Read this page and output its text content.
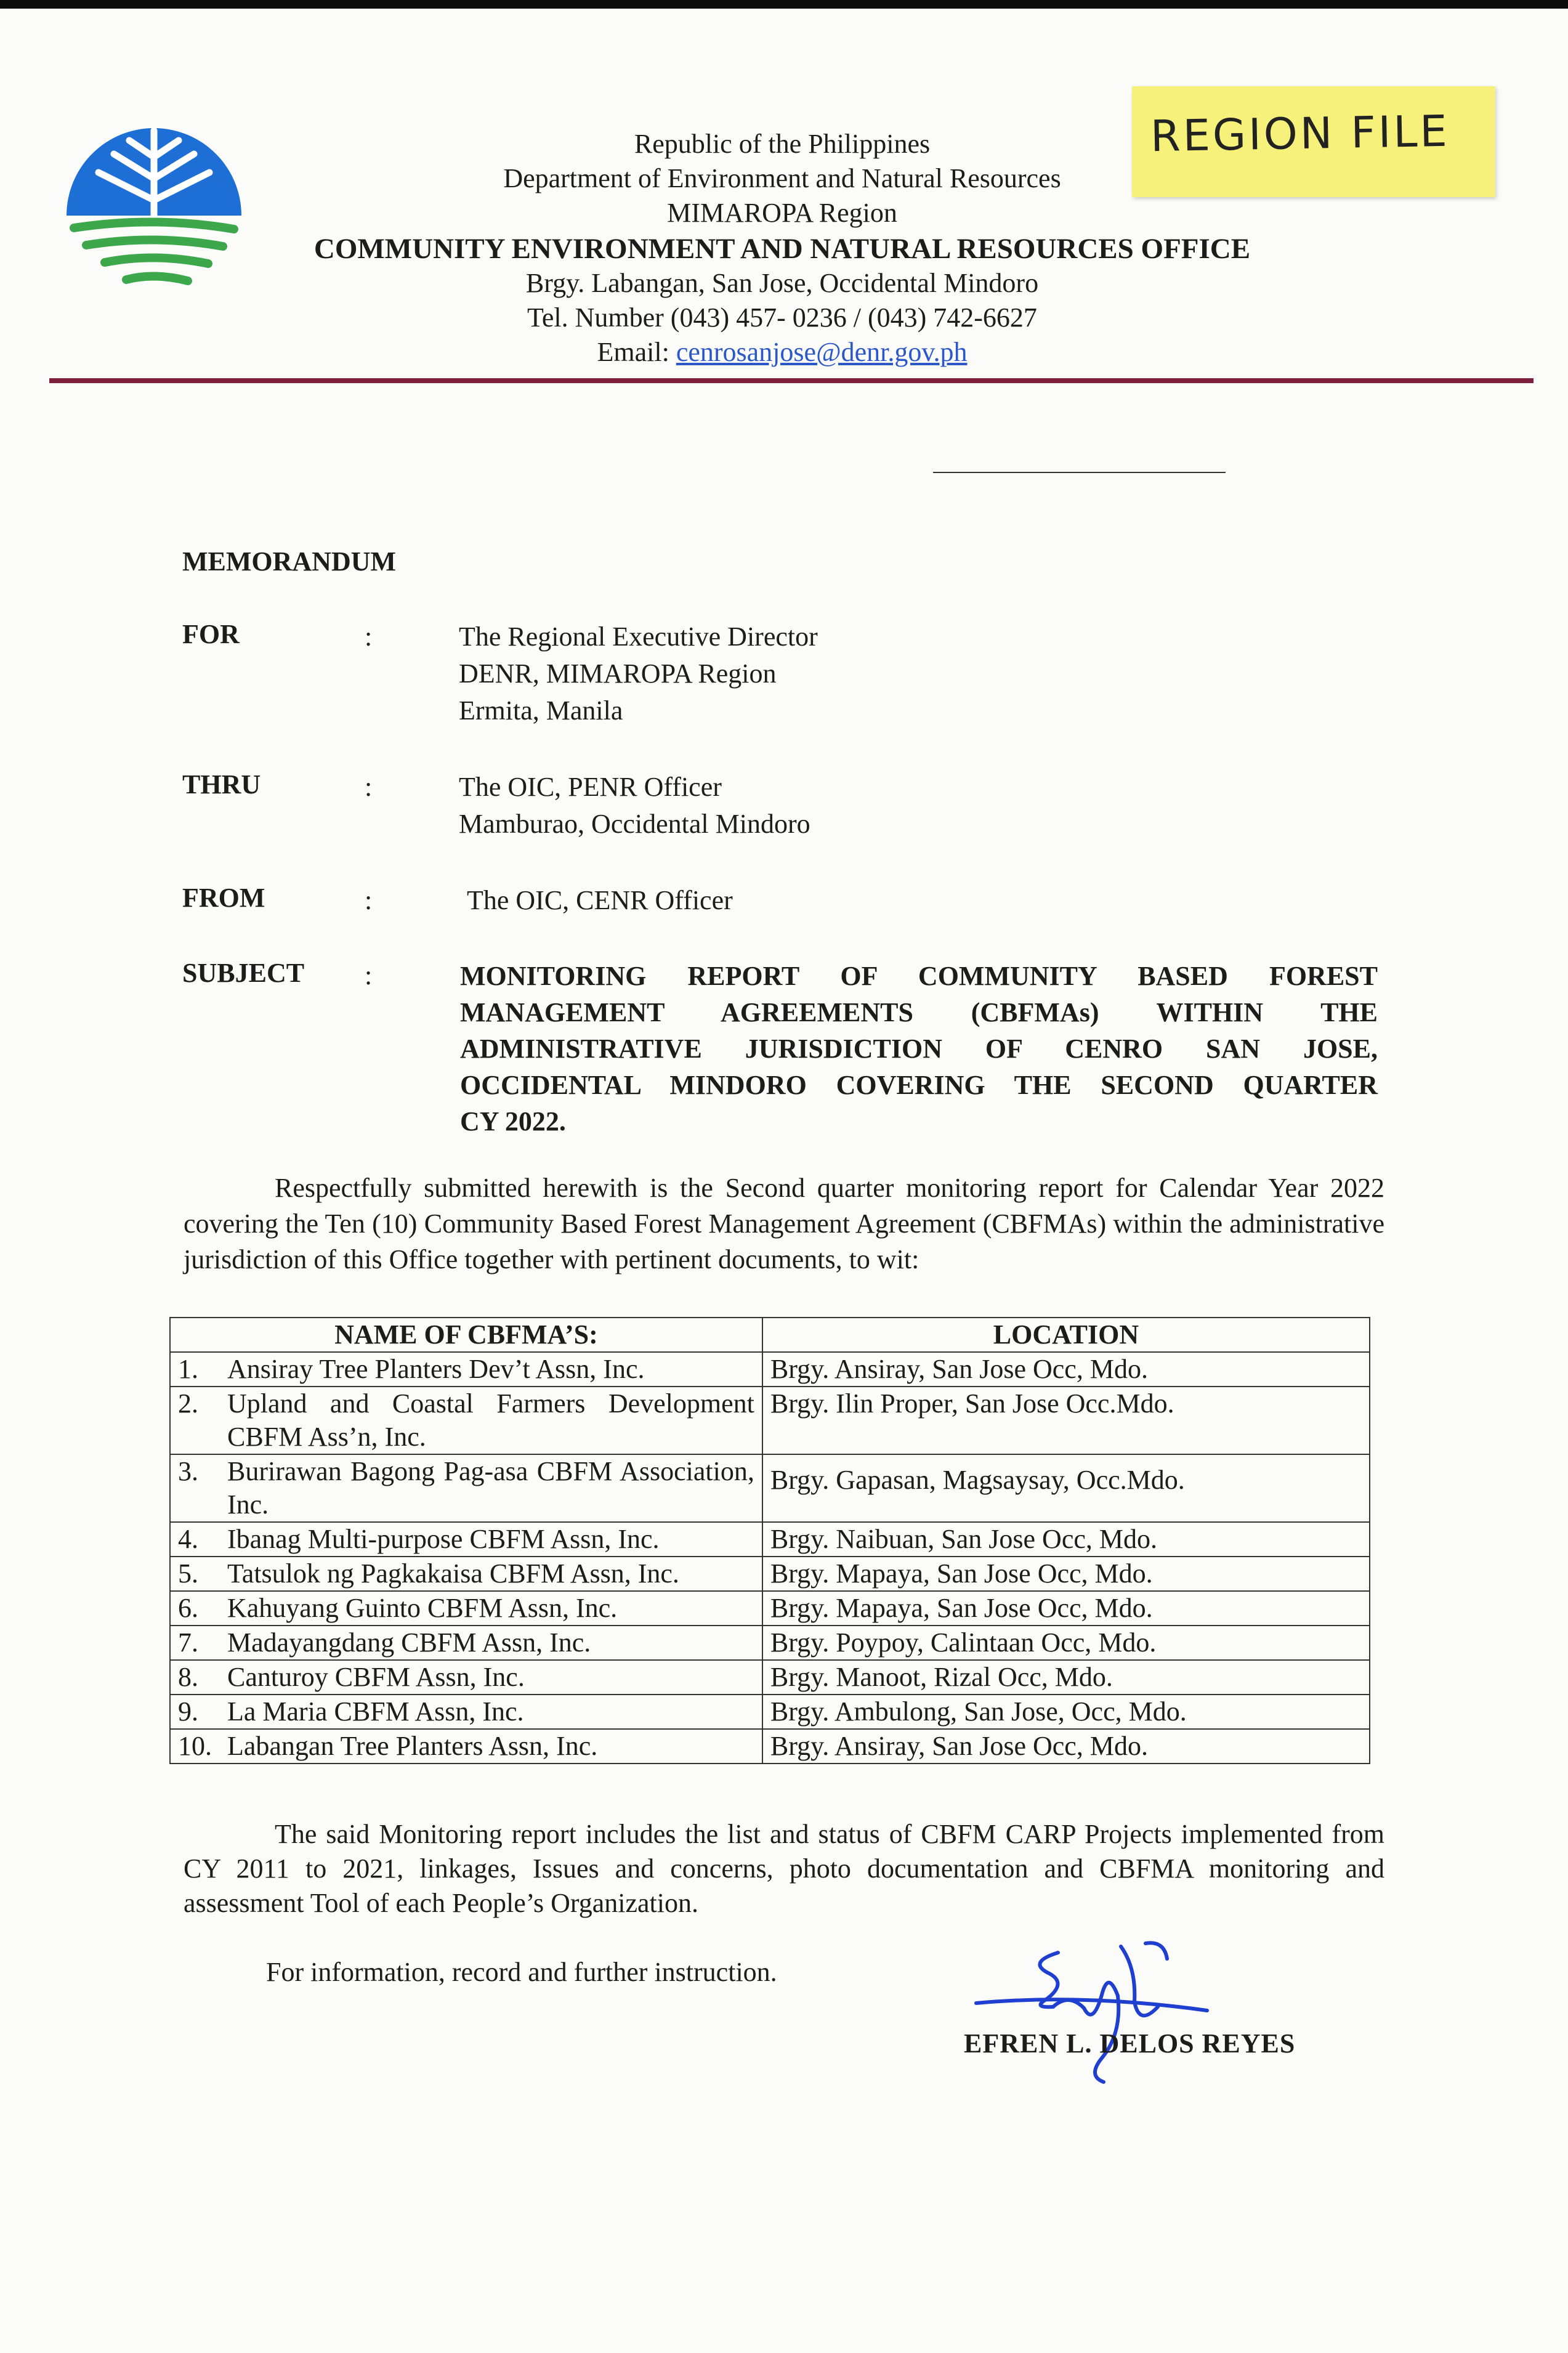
REGION FILE
Republic of the Philippines
Department of Environment and Natural Resources
MIMAROPA Region
COMMUNITY ENVIRONMENT AND NATURAL RESOURCES OFFICE
Brgy. Labangan, San Jose, Occidental Mindoro
Tel. Number (043) 457- 0236 / (043) 742-6627
Email: cenrosanjose@denr.gov.ph
MEMORANDUM
FOR	:	The Regional Executive Director
DENR, MIMAROPA Region
Ermita, Manila
THRU	:	The OIC, PENR Officer
Mamburao, Occidental Mindoro
FROM	:	The OIC, CENR Officer
SUBJECT :	MONITORING REPORT OF COMMUNITY BASED FOREST

MANAGEMENT AGREEMENTS (CBFMAs) WITHIN THE

ADMINISTRATIVE JURISDICTION OF CENRO SAN JOSE,

OCCIDENTAL MINDORO COVERING THE SECOND QUARTER

CY 2022.

Respectfully submitted herewith is the Second quarter monitoring report for Calendar Year 2022 covering the Ten (10) Community Based Forest Management Agreement (CBFMAs) within the administrative jurisdiction of this Office together with pertinent documents, to wit:
NAME OF CBFMA’S:	LOCATION

1. Ansiray Tree Planters Dev’t Assn, Inc.	Brgy. Ansiray, San Jose Occ, Mdo.

2. Upland and Coastal Farmers Development CBFM Ass’n, Inc.	Brgy. Ilin Proper, San Jose Occ.Mdo.

3. Burirawan Bagong Pag-asa CBFM Association, Inc.	Brgy. Gapasan, Magsaysay, Occ.Mdo.

4. Ibanag Multi-purpose CBFM Assn, Inc.	Brgy. Naibuan, San Jose Occ, Mdo.

5. Tatsulok ng Pagkakaisa CBFM Assn, Inc.	Brgy. Mapaya, San Jose Occ, Mdo.

6. Kahuyang Guinto CBFM Assn, Inc.	Brgy. Mapaya, San Jose Occ, Mdo.

7. Madayangdang CBFM Assn, Inc.	Brgy. Poypoy, Calintaan Occ, Mdo.

8. Canturoy CBFM Assn, Inc.	Brgy. Manoot, Rizal Occ, Mdo.

9. La Maria CBFM Assn, Inc.	Brgy. Ambulong, San Jose, Occ, Mdo.

10. Labangan Tree Planters Assn, Inc.	Brgy. Ansiray, San Jose Occ, Mdo.
The said Monitoring report includes the list and status of CBFM CARP Projects implemented from CY 2011 to 2021, linkages, Issues and concerns, photo documentation and CBFMA monitoring and assessment Tool of each People’s Organization.
For information, record and further instruction.
EFREN L. DELOS REYES
